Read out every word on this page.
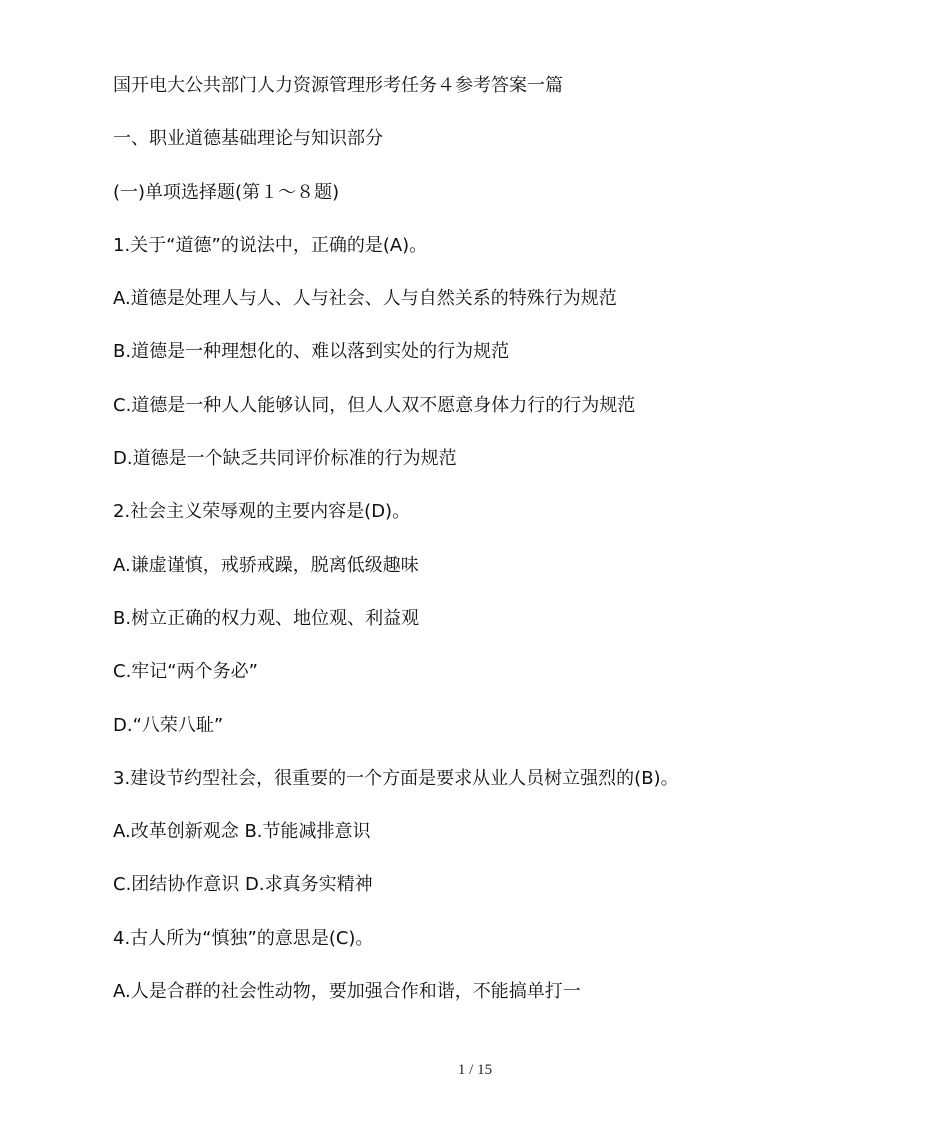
国开电大公共部门人力资源管理形考任务４参考答案一篇
一、职业道德基础理论与知识部分
(一)单项选择题(第１～８题)
1.关于“道德”的说法中，正确的是(A)。
A.道德是处理人与人、人与社会、人与自然关系的特殊行为规范
B.道德是一种理想化的、难以落到实处的行为规范
C.道德是一种人人能够认同，但人人双不愿意身体力行的行为规范
D.道德是一个缺乏共同评价标准的行为规范
2.社会主义荣辱观的主要内容是(D)。
A.谦虚谨慎，戒骄戒躁，脱离低级趣味
B.树立正确的权力观、地位观、利益观
C.牢记“两个务必”
D.“八荣八耻”
3.建设节约型社会，很重要的一个方面是要求从业人员树立强烈的(B)。
A.改革创新观念 B.节能减排意识
C.团结协作意识 D.求真务实精神
4.古人所为“慎独”的意思是(C)。
A.人是合群的社会性动物，要加强合作和谐，不能搞单打一
1 / 15
